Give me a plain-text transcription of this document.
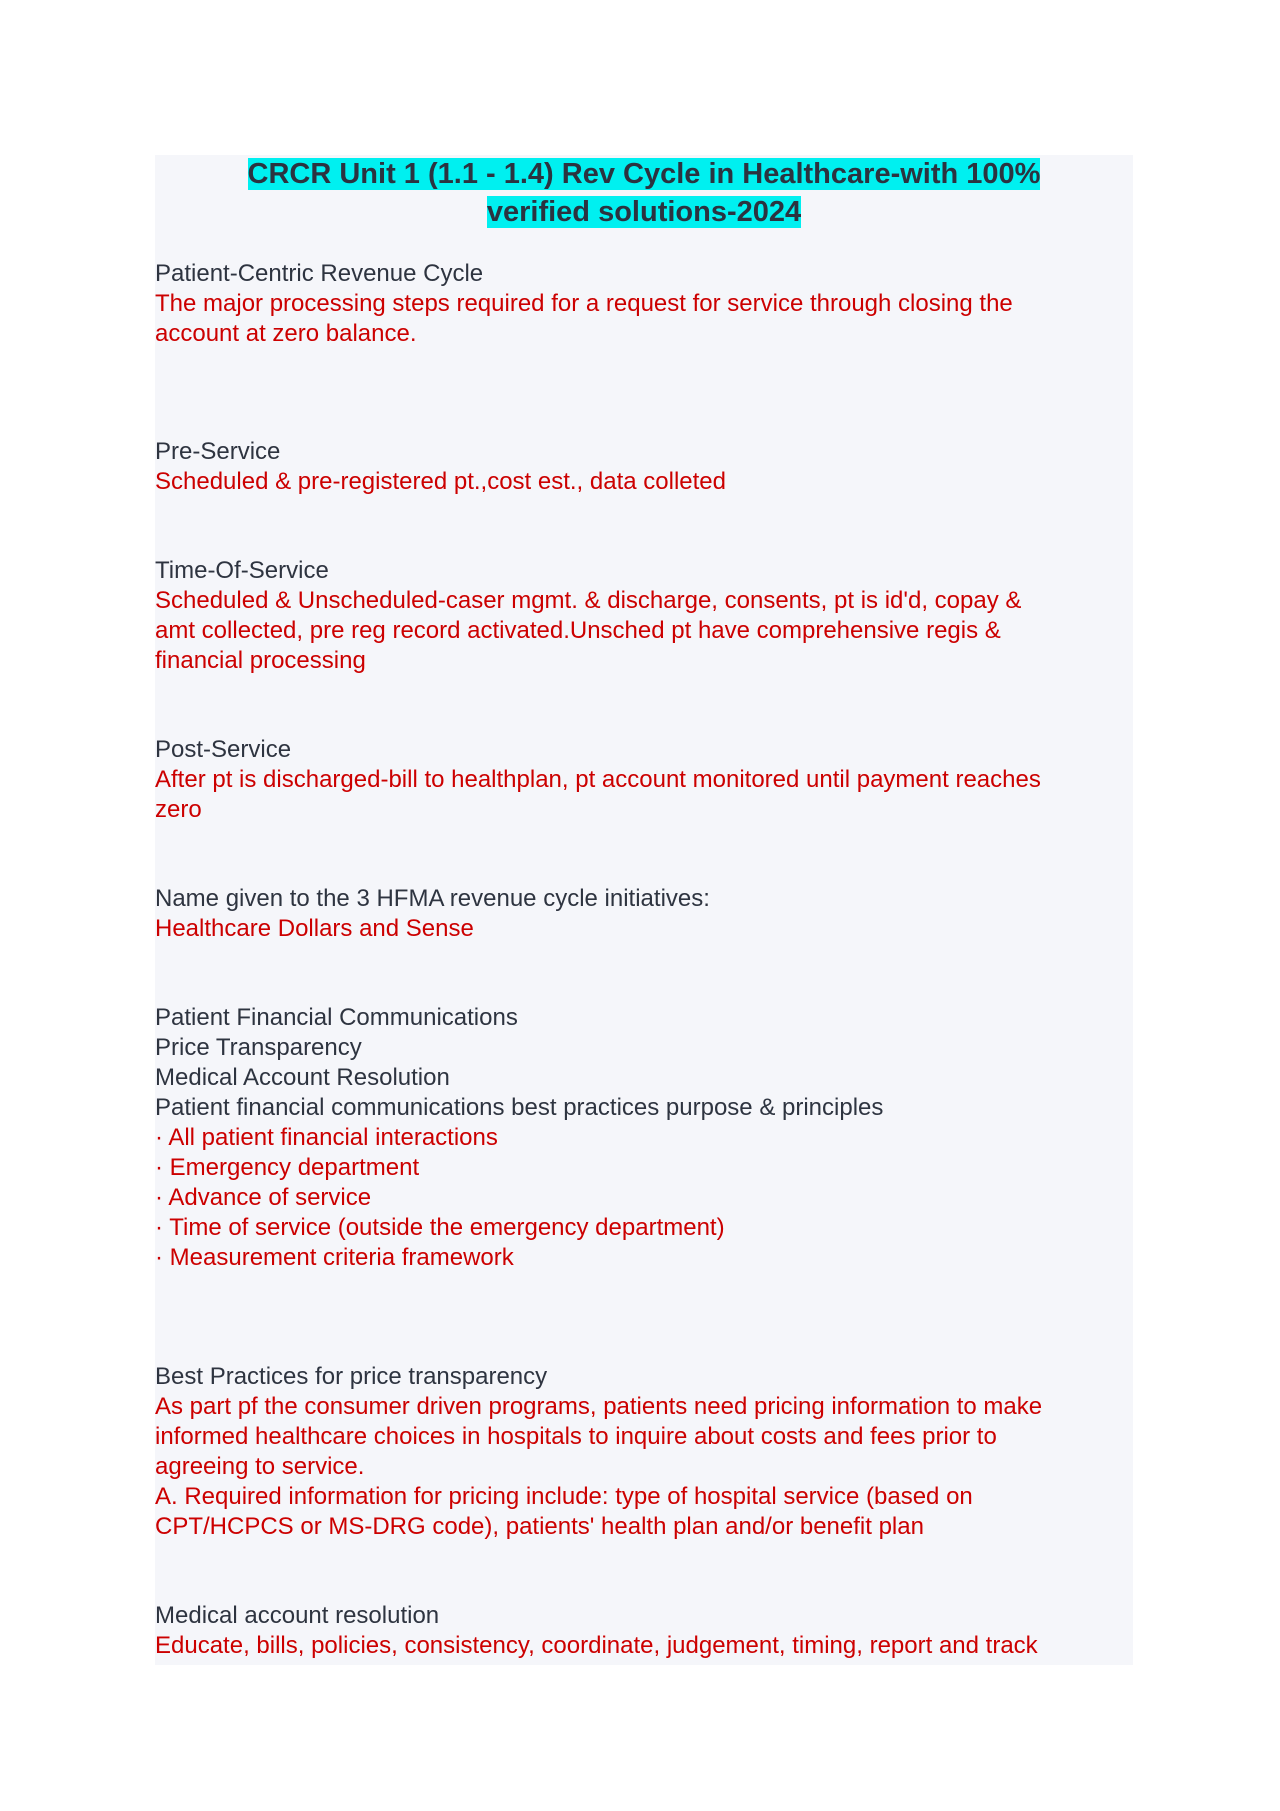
CRCR Unit 1 (1.1 - 1.4) Rev Cycle in Healthcare-with 100%
verified solutions-2024

Patient-Centric Revenue Cycle

The major processing steps required for a request for service through closing the
account at zero balance.

Pre-Service

Scheduled & pre-registered pt.,cost est., data colleted

Time-Of-Service

Scheduled & Unscheduled-caser mgmt. & discharge, consents, pt is id'd, copay &
amt collected, pre reg record activated.Unsched pt have comprehensive regis &
financial processing

Post-Service

After pt is discharged-bill to healthplan, pt account monitored until payment reaches
zero

Name given to the 3 HFMA revenue cycle initiatives:

Healthcare Dollars and Sense

Patient Financial Communications
Price Transparency
Medical Account Resolution
Patient financial communications best practices purpose & principles

· All patient financial interactions
· Emergency department
· Advance of service
· Time of service (outside the emergency department)
· Measurement criteria framework

Best Practices for price transparency

As part pf the consumer driven programs, patients need pricing information to make
informed healthcare choices in hospitals to inquire about costs and fees prior to
agreeing to service.
A. Required information for pricing include: type of hospital service (based on
CPT/HCPCS or MS-DRG code), patients' health plan and/or benefit plan

Medical account resolution

Educate, bills, policies, consistency, coordinate, judgement, timing, report and track
